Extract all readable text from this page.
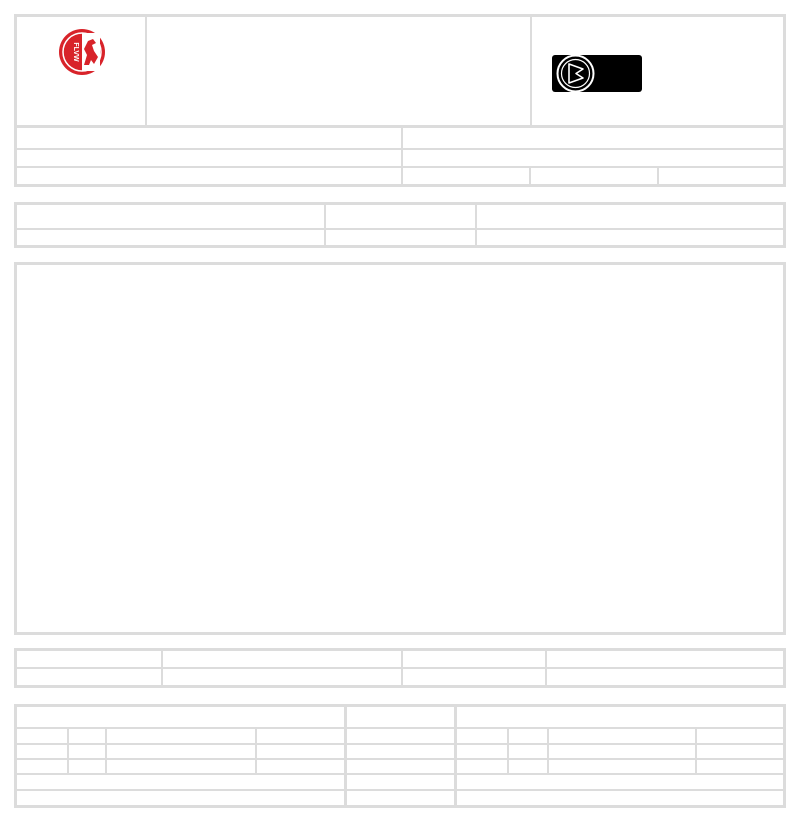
FLVW
